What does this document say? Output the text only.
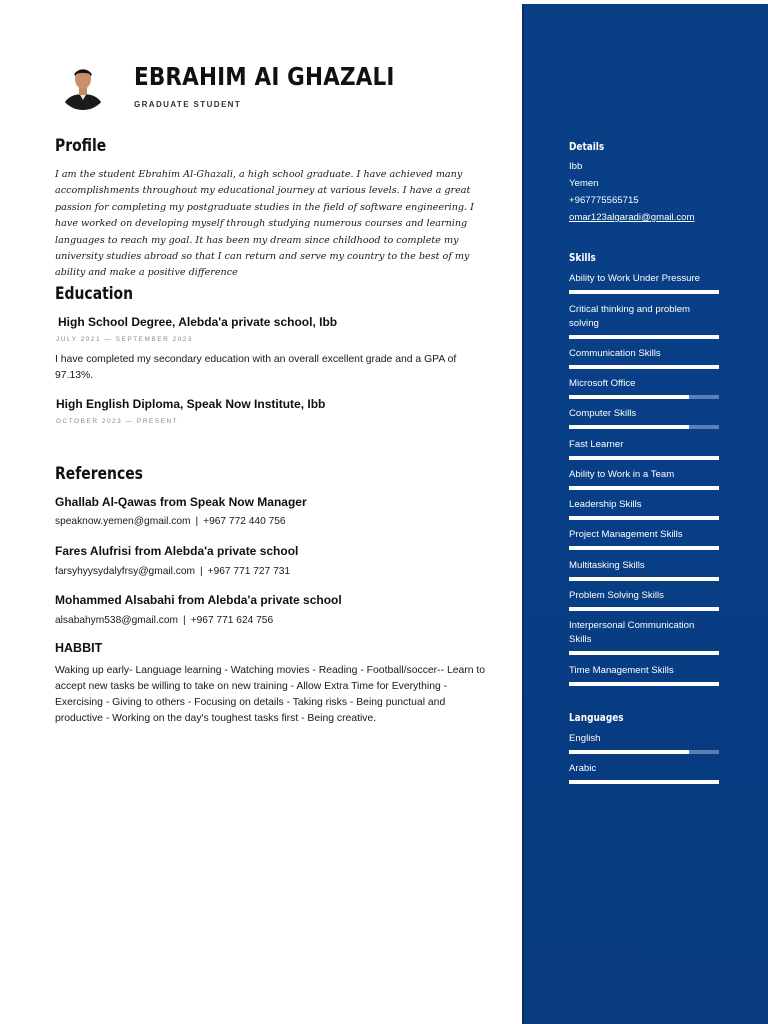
EBRAHIM AI GHAZALI
GRADUATE STUDENT
Profile
I am the student Ebrahim Al-Ghazali, a high school graduate. I have achieved many accomplishments throughout my educational journey at various levels. I have a great passion for completing my postgraduate studies in the field of software engineering. I have worked on developing myself through studying numerous courses and learning languages to reach my goal. It has been my dream since childhood to complete my university studies abroad so that I can return and serve my country to the best of my ability and make a positive difference
Education
High School Degree, Alebda'a private school, Ibb
JULY 2021 — SEPTEMBER 2023
I have completed my secondary education with an overall excellent grade and a GPA of 97.13%.
High English Diploma, Speak Now Institute, Ibb
OCTOBER 2023 — PRESENT
References
Ghallab Al-Qawas from Speak Now Manager
speaknow.yemen@gmail.com | +967 772 440 756
Fares Alufrisi from Alebda'a private school
farsyhyysydalyfrsy@gmail.com | +967 771 727 731
Mohammed Alsabahi from Alebda'a private school
alsabahym538@gmail.com | +967 771 624 756
HABBIT
Waking up early- Language learning - Watching movies - Reading - Football/soccer-- Learn to accept new tasks be willing to take on new training - Allow Extra Time for Everything - Exercising - Giving to others - Focusing on details - Taking risks - Being punctual and productive - Working on the day's toughest tasks first - Being creative.
Details
Ibb
Yemen
+967775565715
omar123algaradi@gmail.com
Skills
Ability to Work Under Pressure
Critical thinking and problem solving
Communication Skills
Microsoft Office
Computer Skills
Fast Learner
Ability to Work in a Team
Leadership Skills
Project Management Skills
Multitasking Skills
Problem Solving Skills
Interpersonal Communication Skills
Time Management Skills
Languages
English
Arabic
